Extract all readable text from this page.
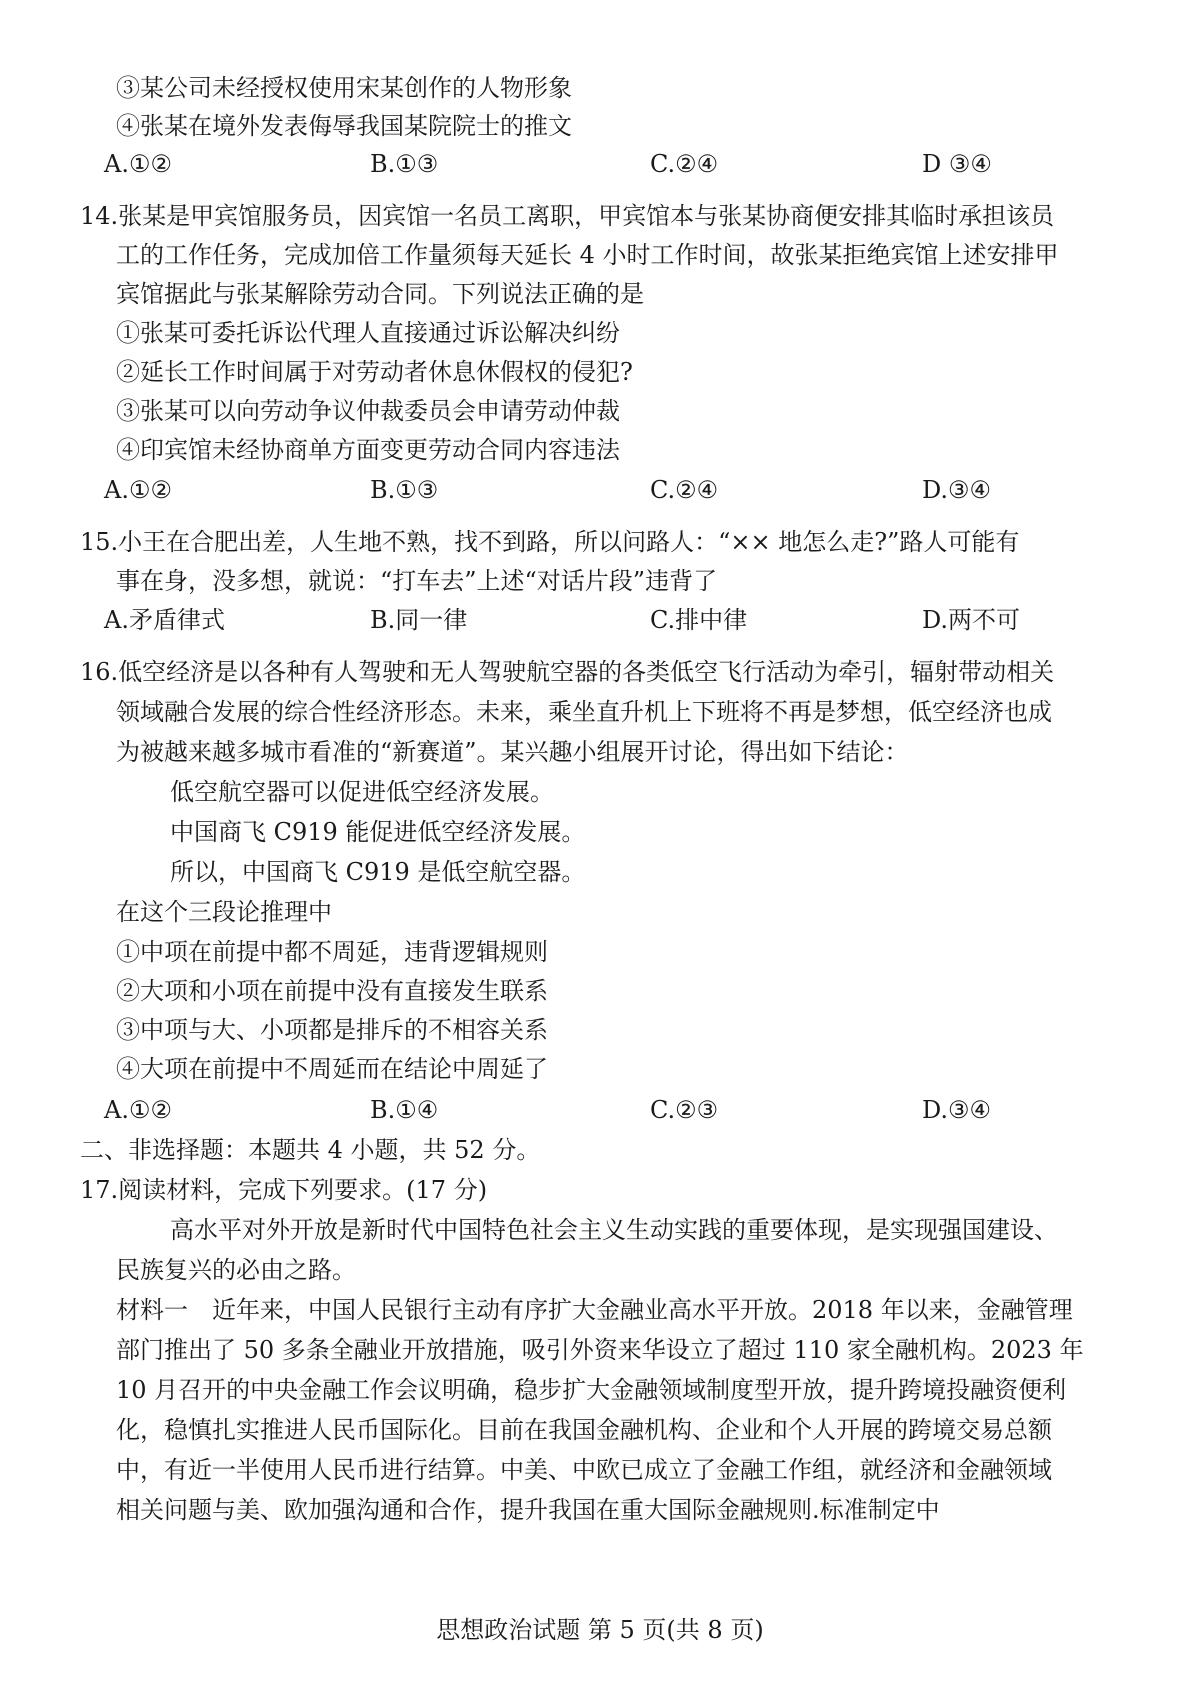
③某公司未经授权使用宋某创作的人物形象
④张某在境外发表侮辱我国某院院士的推文
A.①②	B.①③	C.②④	D ③④
14.张某是甲宾馆服务员，因宾馆一名员工离职，甲宾馆本与张某协商便安排其临时承担该员
工的工作任务，完成加倍工作量须每天延长 4 小时工作时间，故张某拒绝宾馆上述安排甲
宾馆据此与张某解除劳动合同。下列说法正确的是
①张某可委托诉讼代理人直接通过诉讼解决纠纷
②延长工作时间属于对劳动者休息休假权的侵犯?
③张某可以向劳动争议仲裁委员会申请劳动仲裁
④印宾馆未经协商单方面变更劳动合同内容违法
A.①②	B.①③	C.②④	D.③④
15.小王在合肥出差，人生地不熟，找不到路，所以问路人：“×× 地怎么走?”路人可能有
事在身，没多想，就说：“打车去”上述“对话片段”违背了
A.矛盾律式	B.同一律	C.排中律	D.两不可
16.低空经济是以各种有人驾驶和无人驾驶航空器的各类低空飞行活动为牵引，辐射带动相关
领域融合发展的综合性经济形态。未来，乘坐直升机上下班将不再是梦想，低空经济也成
为被越来越多城市看准的“新赛道”。某兴趣小组展开讨论，得出如下结论：
低空航空器可以促进低空经济发展。
中国商飞 C919 能促进低空经济发展。
所以，中国商飞 C919 是低空航空器。
在这个三段论推理中
①中项在前提中都不周延，违背逻辑规则
②大项和小项在前提中没有直接发生联系
③中项与大、小项都是排斥的不相容关系
④大项在前提中不周延而在结论中周延了
A.①②	B.①④	C.②③	D.③④
二、非选择题：本题共 4 小题，共 52 分。
17.阅读材料，完成下列要求。(17 分)
高水平对外开放是新时代中国特色社会主义生动实践的重要体现，是实现强国建设、
民族复兴的必由之路。
材料一　近年来，中国人民银行主动有序扩大金融业高水平开放。2018 年以来，金融管理
部门推出了 50 多条全融业开放措施，吸引外资来华设立了超过 110 家全融机构。2023 年
10 月召开的中央金融工作会议明确，稳步扩大金融领域制度型开放，提升跨境投融资便利
化，稳慎扎实推进人民币国际化。目前在我国金融机构、企业和个人开展的跨境交易总额
中，有近一半使用人民币进行结算。中美、中欧已成立了金融工作组，就经济和金融领域
相关问题与美、欧加强沟通和合作，提升我国在重大国际金融规则.标准制定中
思想政治试题 第 5 页(共 8 页)
